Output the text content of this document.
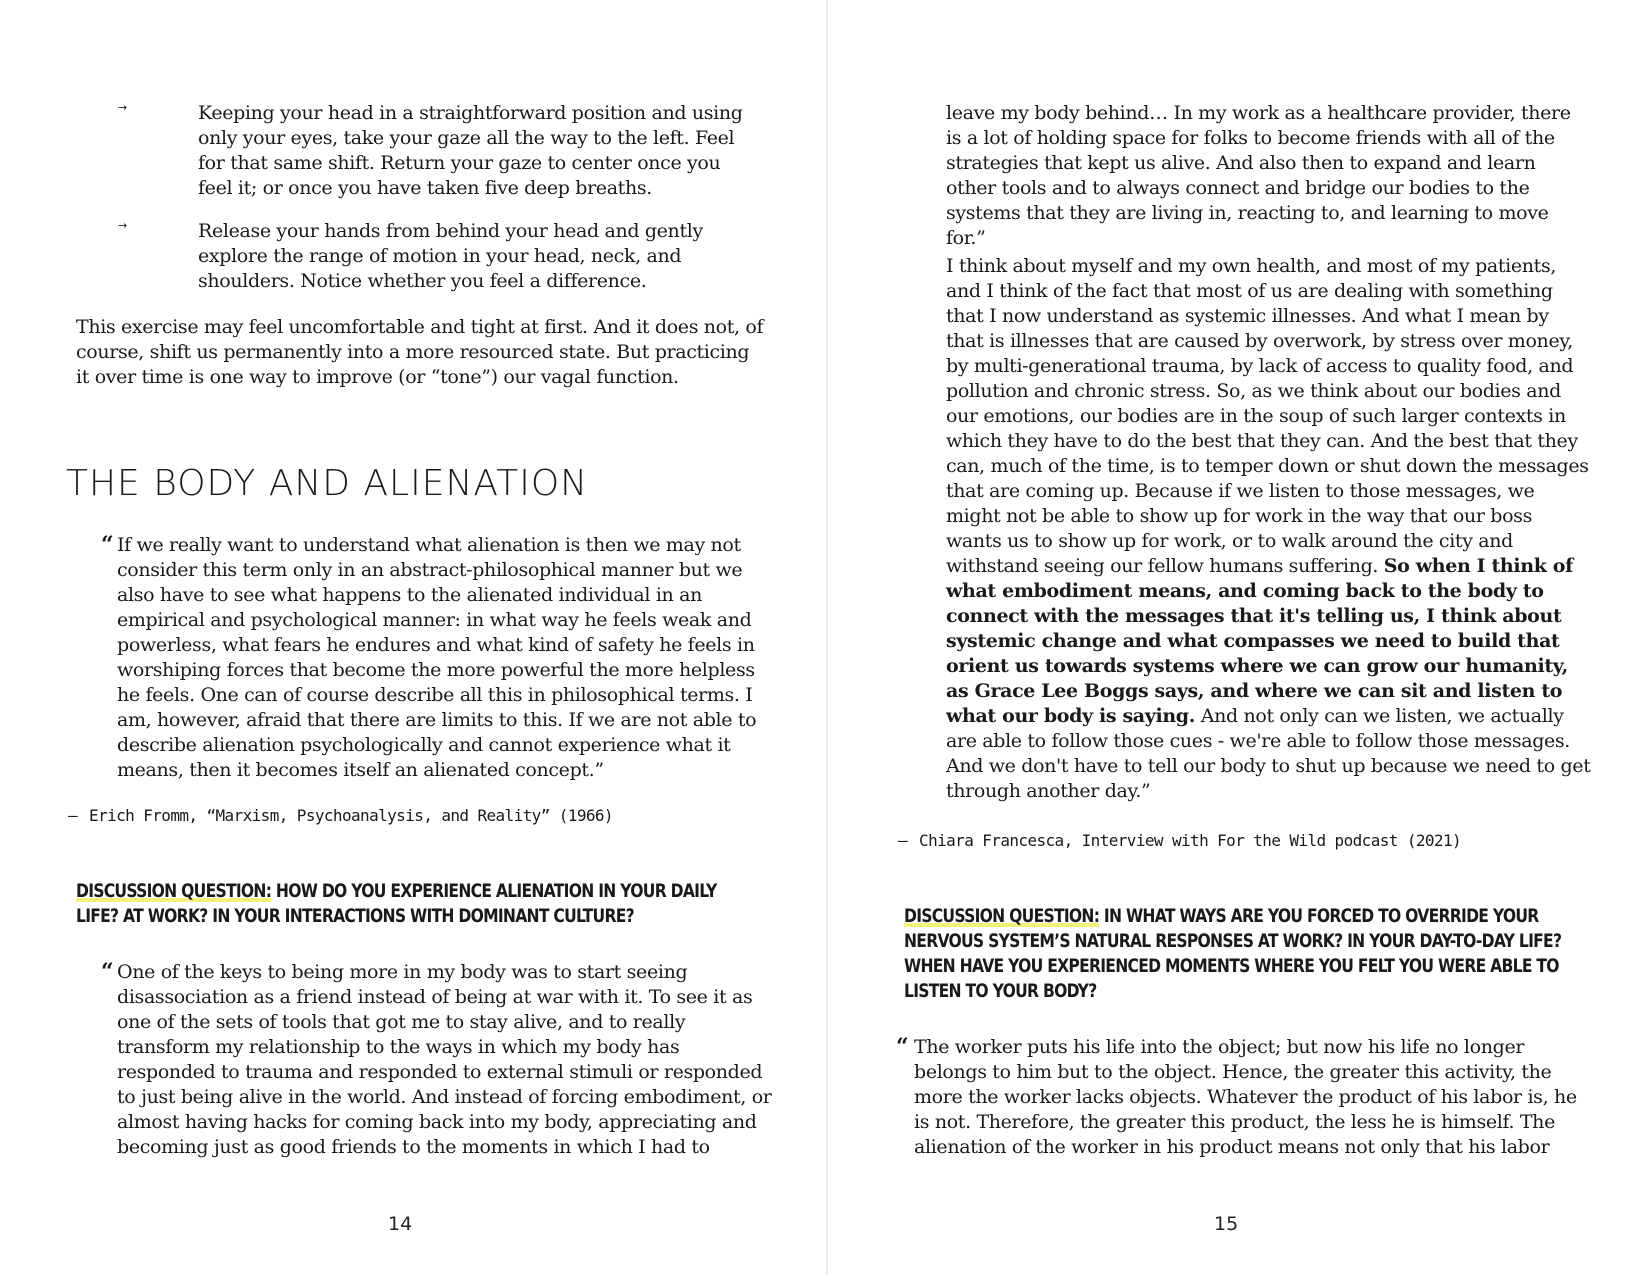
→	Keeping your head in a straightforward position and using only your eyes, take your gaze all the way to the left. Feel for that same shift. Return your gaze to center once you feel it; or once you have taken five deep breaths.
→	Release your hands from behind your head and gently explore the range of motion in your head, neck, and shoulders. Notice whether you feel a difference.
This exercise may feel uncomfortable and tight at first. And it does not, of course, shift us permanently into a more resourced state. But practicing it over time is one way to improve (or “tone”) our vagal function.
THE BODY AND ALIENATION
“ If we really want to understand what alienation is then we may not consider this term only in an abstract-philosophical manner but we also have to see what happens to the alienated individual in an empirical and psychological manner: in what way he feels weak and powerless, what fears he endures and what kind of safety he feels in worshiping forces that become the more powerful the more helpless he feels. One can of course describe all this in philosophical terms. I am, however, afraid that there are limits to this. If we are not able to describe alienation psychologically and cannot experience what it means, then it becomes itself an alienated concept.”
— Erich Fromm, “Marxism, Psychoanalysis, and Reality” (1966)
DISCUSSION QUESTION: HOW DO YOU EXPERIENCE ALIENATION IN YOUR DAILY LIFE? AT WORK? IN YOUR INTERACTIONS WITH DOMINANT CULTURE?
“ One of the keys to being more in my body was to start seeing disassociation as a friend instead of being at war with it. To see it as one of the sets of tools that got me to stay alive, and to really transform my relationship to the ways in which my body has responded to trauma and responded to external stimuli or responded to just being alive in the world. And instead of forcing embodiment, or almost having hacks for coming back into my body, appreciating and becoming just as good friends to the moments in which I had to
14
leave my body behind… In my work as a healthcare provider, there is a lot of holding space for folks to become friends with all of the strategies that kept us alive. And also then to expand and learn other tools and to always connect and bridge our bodies to the systems that they are living in, reacting to, and learning to move for.”
I think about myself and my own health, and most of my patients, and I think of the fact that most of us are dealing with something that I now understand as systemic illnesses. And what I mean by that is illnesses that are caused by overwork, by stress over money, by multi-generational trauma, by lack of access to quality food, and pollution and chronic stress. So, as we think about our bodies and our emotions, our bodies are in the soup of such larger contexts in which they have to do the best that they can. And the best that they can, much of the time, is to temper down or shut down the messages that are coming up. Because if we listen to those messages, we might not be able to show up for work in the way that our boss wants us to show up for work, or to walk around the city and withstand seeing our fellow humans suffering. So when I think of what embodiment means, and coming back to the body to connect with the messages that it's telling us, I think about systemic change and what compasses we need to build that orient us towards systems where we can grow our humanity, as Grace Lee Boggs says, and where we can sit and listen to what our body is saying. And not only can we listen, we actually are able to follow those cues - we're able to follow those messages. And we don't have to tell our body to shut up because we need to get through another day.”
— Chiara Francesca, Interview with For the Wild podcast (2021)
DISCUSSION QUESTION: IN WHAT WAYS ARE YOU FORCED TO OVERRIDE YOUR NERVOUS SYSTEM’S NATURAL RESPONSES AT WORK? IN YOUR DAY-TO-DAY LIFE? WHEN HAVE YOU EXPERIENCED MOMENTS WHERE YOU FELT YOU WERE ABLE TO LISTEN TO YOUR BODY?
“ The worker puts his life into the object; but now his life no longer belongs to him but to the object. Hence, the greater this activity, the more the worker lacks objects. Whatever the product of his labor is, he is not. Therefore, the greater this product, the less he is himself. The alienation of the worker in his product means not only that his labor
15
